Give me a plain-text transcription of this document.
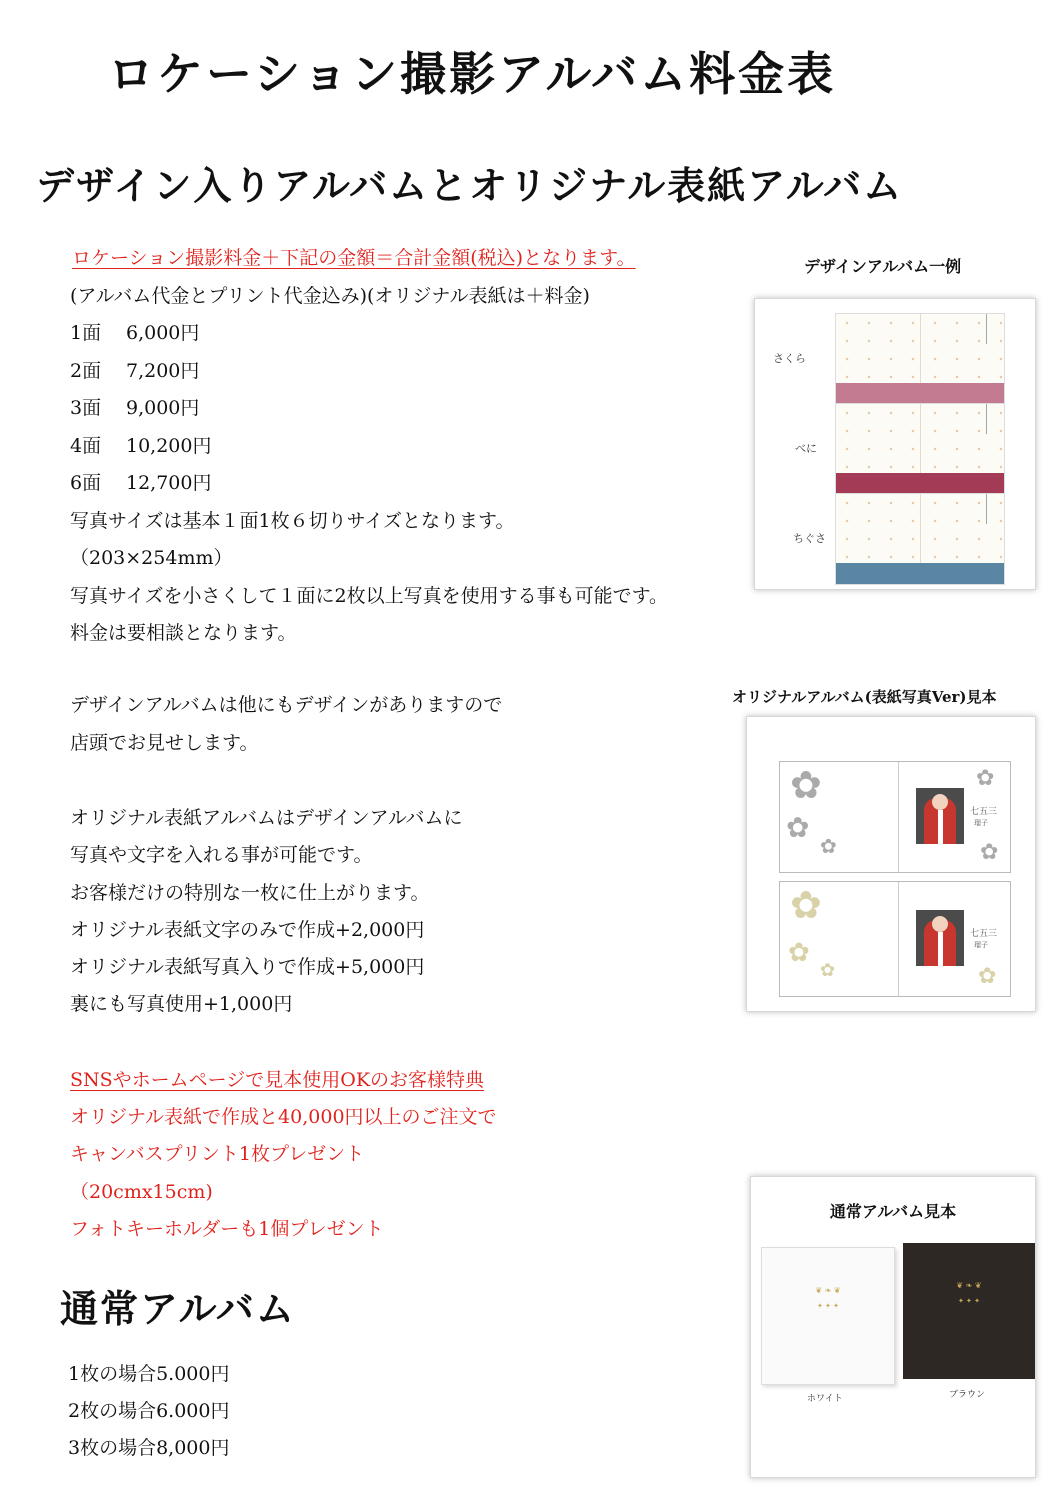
ロケーション撮影アルバム料金表
デザイン入りアルバムとオリジナル表紙アルバム
ロケーション撮影料金＋下記の金額＝合計金額(税込)となります。
(アルバム代金とプリント代金込み)(オリジナル表紙は＋料金)
1面 6,000円
2面 7,200円
3面 9,000円
4面 10,200円
6面 12,700円
写真サイズは基本１面1枚６切りサイズとなります。
（203×254mm）
写真サイズを小さくして１面に2枚以上写真を使用する事も可能です。
料金は要相談となります。
デザインアルバムは他にもデザインがありますので
店頭でお見せします。
オリジナル表紙アルバムはデザインアルバムに
写真や文字を入れる事が可能です。
お客様だけの特別な一枚に仕上がります。
オリジナル表紙文字のみで作成+2,000円
オリジナル表紙写真入りで作成+5,000円
裏にも写真使用+1,000円
SNSやホームページで見本使用OKのお客様特典
オリジナル表紙で作成と40,000円以上のご注文で
キャンバスプリント1枚プレゼント
（20cmx15cm)
フォトキーホルダーも1個プレゼント
通常アルバム
1枚の場合5.000円
2枚の場合6.000円
3枚の場合8,000円
デザインアルバム一例
さくら
べに
ちぐさ
オリジナルアルバム(表紙写真Ver)見本
✿
✿
✿
✿
✿
七五三
瑠子
✿
✿
✿	✿
七五三
瑠子
通常アルバム見本
❦ ❧ ❦
✦ ✦ ✦
ホワイト
❦ ❧ ❦
✦ ✦ ✦
ブラウン
